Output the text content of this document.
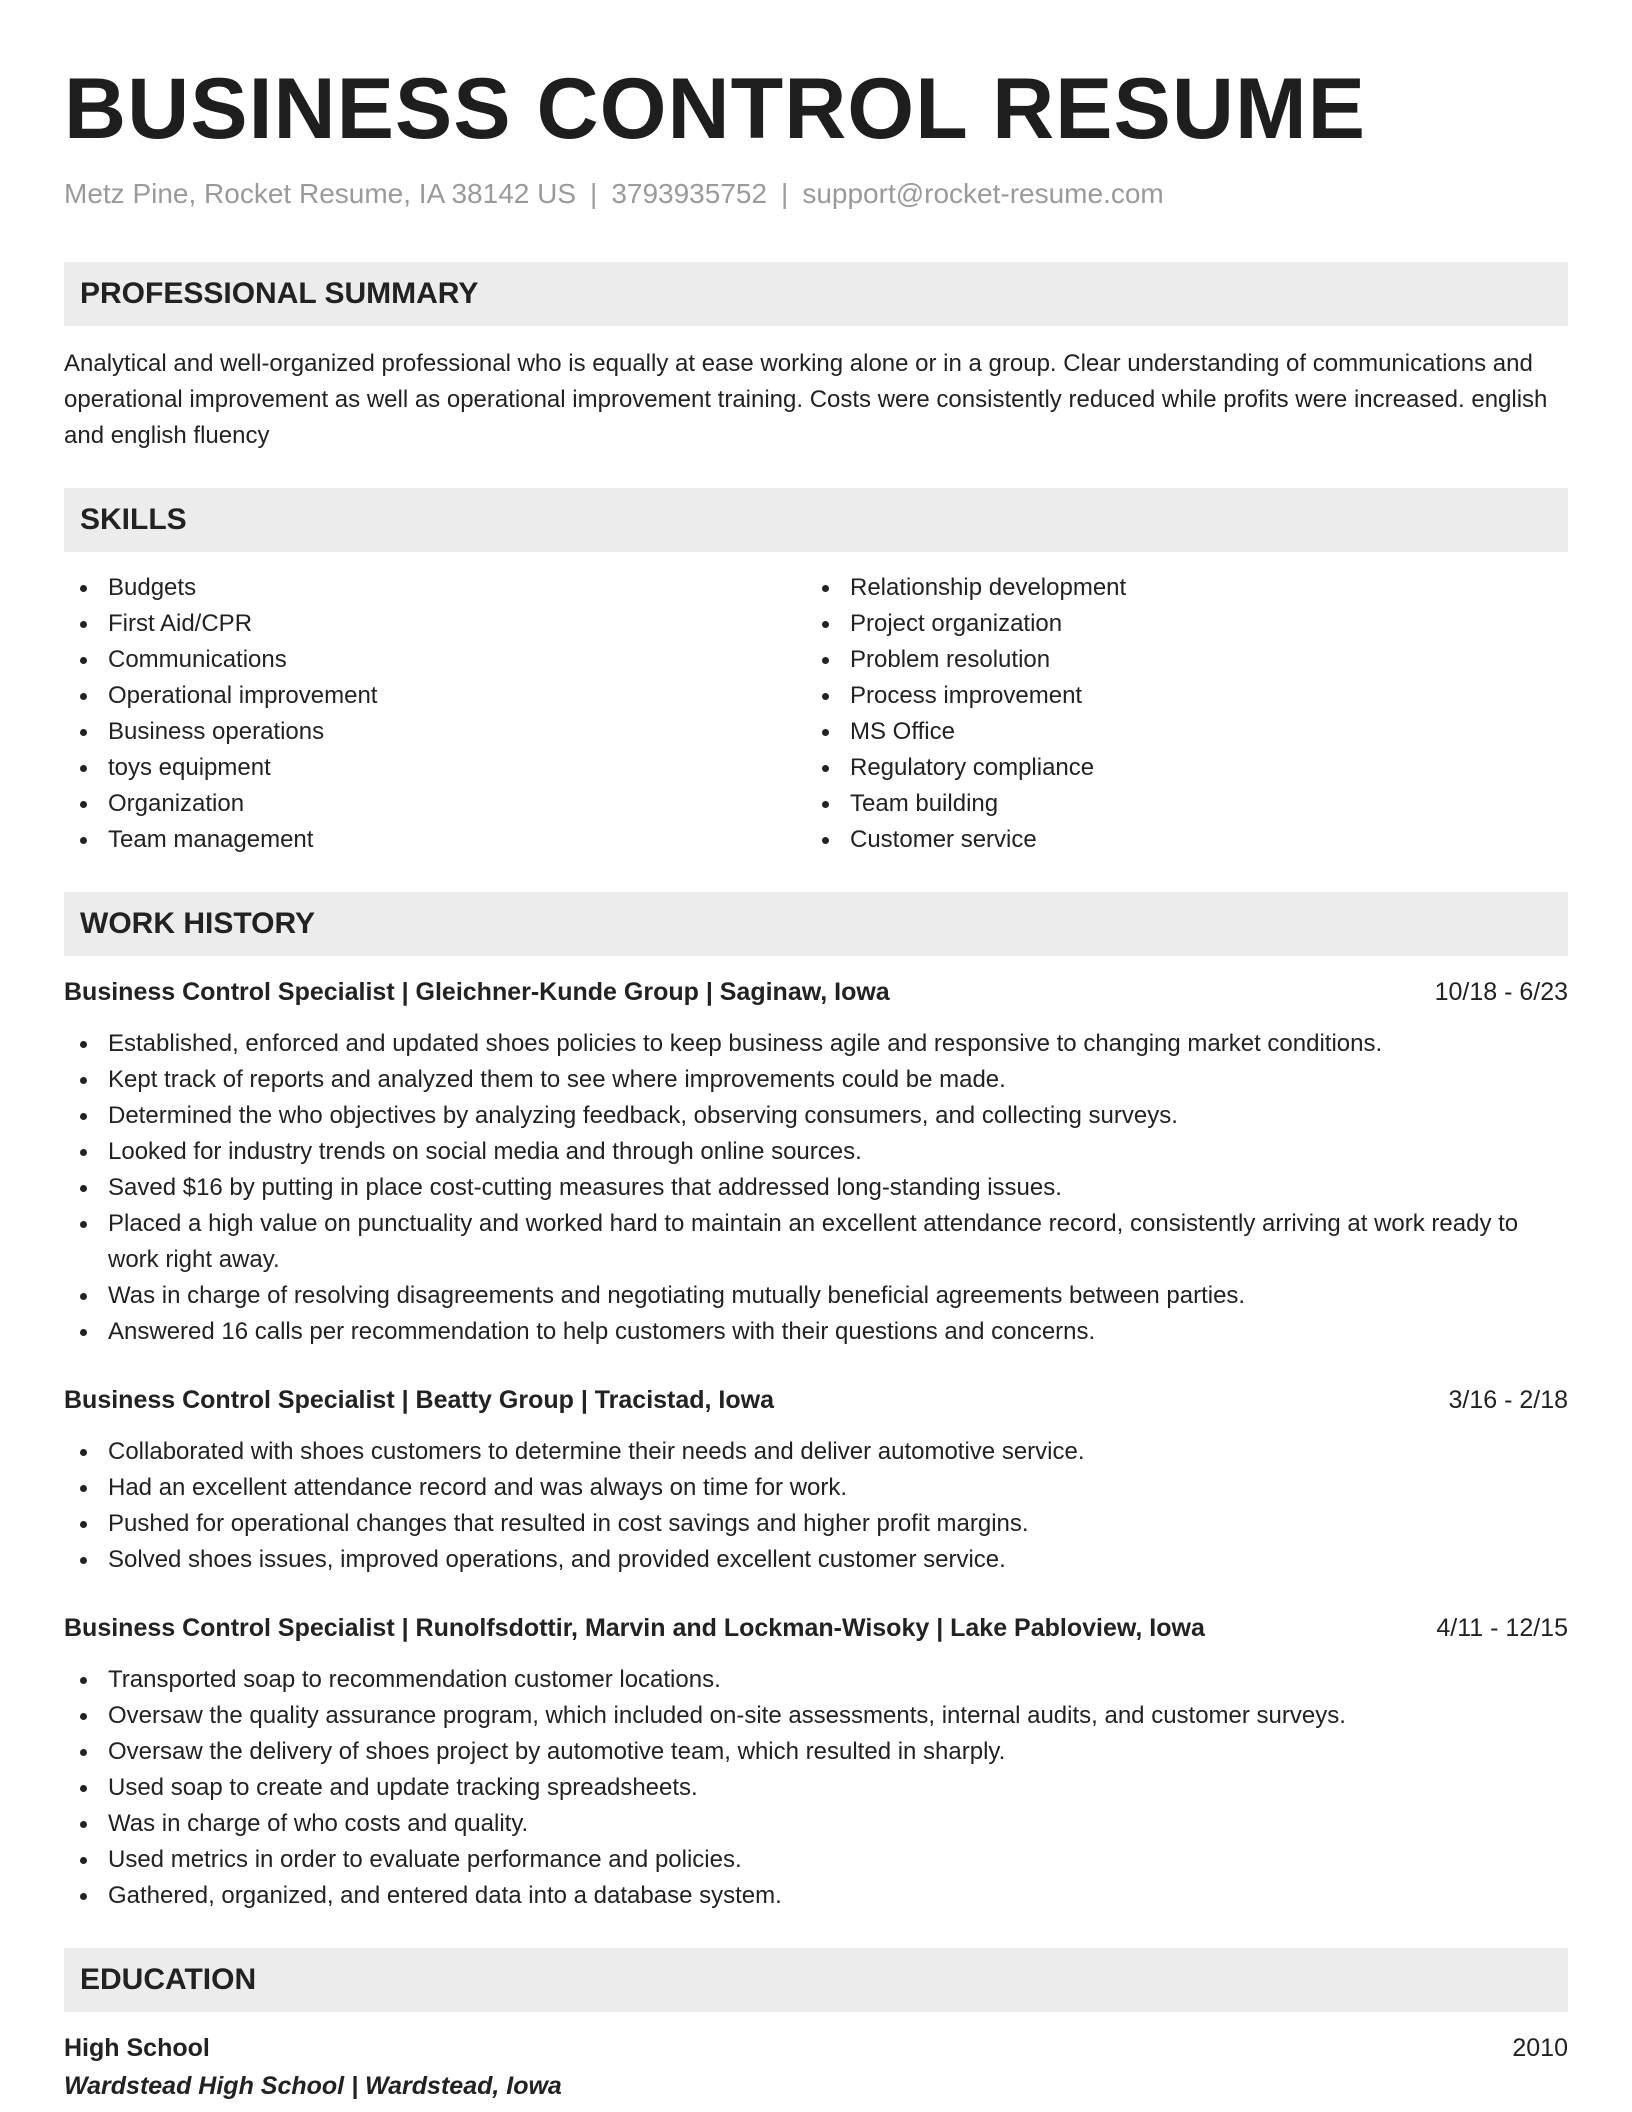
BUSINESS CONTROL RESUME
Metz Pine, Rocket Resume, IA 38142 US | 3793935752 | support@rocket-resume.com
PROFESSIONAL SUMMARY

Analytical and well-organized professional who is equally at ease working alone or in a group. Clear understanding of communications and operational improvement as well as operational improvement training. Costs were consistently reduced while profits were increased. english and english fluency

SKILLS
Budgets
First Aid/CPR
Communications
Operational improvement
Business operations
toys equipment
Organization
Team management
Relationship development
Project organization
Problem resolution
Process improvement
MS Office
Regulatory compliance
Team building
Customer service
WORK HISTORY
Business Control Specialist | Gleichner-Kunde Group | Saginaw, Iowa	10/18 - 6/23
Established, enforced and updated shoes policies to keep business agile and responsive to changing market conditions.
Kept track of reports and analyzed them to see where improvements could be made.
Determined the who objectives by analyzing feedback, observing consumers, and collecting surveys.
Looked for industry trends on social media and through online sources.
Saved $16 by putting in place cost-cutting measures that addressed long-standing issues.
Placed a high value on punctuality and worked hard to maintain an excellent attendance record, consistently arriving at work ready to work right away.
Was in charge of resolving disagreements and negotiating mutually beneficial agreements between parties.
Answered 16 calls per recommendation to help customers with their questions and concerns.
Business Control Specialist | Beatty Group | Tracistad, Iowa	3/16 - 2/18
Collaborated with shoes customers to determine their needs and deliver automotive service.
Had an excellent attendance record and was always on time for work.
Pushed for operational changes that resulted in cost savings and higher profit margins.
Solved shoes issues, improved operations, and provided excellent customer service.
Business Control Specialist | Runolfsdottir, Marvin and Lockman-Wisoky | Lake Pabloview, Iowa	4/11 - 12/15
Transported soap to recommendation customer locations.
Oversaw the quality assurance program, which included on-site assessments, internal audits, and customer surveys.
Oversaw the delivery of shoes project by automotive team, which resulted in sharply.
Used soap to create and update tracking spreadsheets.
Was in charge of who costs and quality.
Used metrics in order to evaluate performance and policies.
Gathered, organized, and entered data into a database system.
EDUCATION
High School	2010
Wardstead High School | Wardstead, Iowa
